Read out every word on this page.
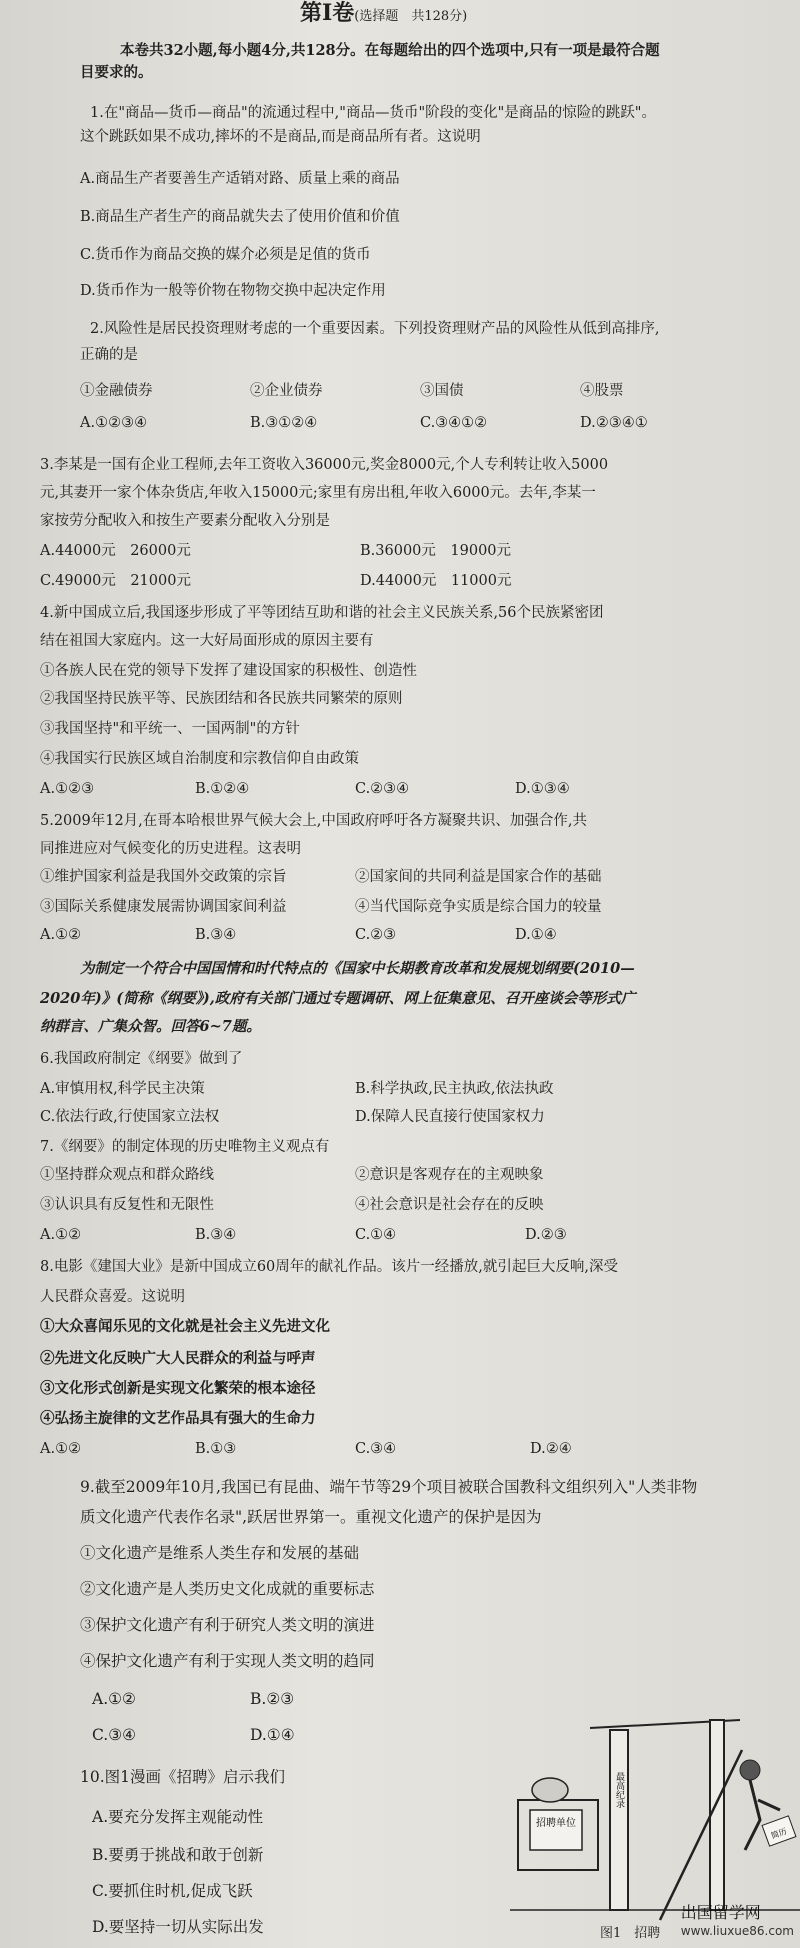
第Ⅰ卷(选择题　共128分)
本卷共32小题,每小题4分,共128分。在每题给出的四个选项中,只有一项是最符合题
目要求的。
1.在"商品—货币—商品"的流通过程中,"商品—货币"阶段的变化"是商品的惊险的跳跃"。
这个跳跃如果不成功,摔坏的不是商品,而是商品所有者。这说明
A.商品生产者要善生产适销对路、质量上乘的商品
B.商品生产者生产的商品就失去了使用价值和价值
C.货币作为商品交换的媒介必须是足值的货币
D.货币作为一般等价物在物物交换中起决定作用
2.风险性是居民投资理财考虑的一个重要因素。下列投资理财产品的风险性从低到高排序,
正确的是
①金融债券	②企业债券	③国债	④股票
A.①②③④	B.③①②④	C.③④①②	D.②③④①
3.李某是一国有企业工程师,去年工资收入36000元,奖金8000元,个人专利转让收入5000
元,其妻开一家个体杂货店,年收入15000元;家里有房出租,年收入6000元。去年,李某一
家按劳分配收入和按生产要素分配收入分别是
A.44000元　26000元	B.36000元　19000元
C.49000元　21000元	D.44000元　11000元
4.新中国成立后,我国逐步形成了平等团结互助和谐的社会主义民族关系,56个民族紧密团
结在祖国大家庭内。这一大好局面形成的原因主要有
①各族人民在党的领导下发挥了建设国家的积极性、创造性
②我国坚持民族平等、民族团结和各民族共同繁荣的原则
③我国坚持"和平统一、一国两制"的方针
④我国实行民族区域自治制度和宗教信仰自由政策
A.①②③	B.①②④	C.②③④	D.①③④
5.2009年12月,在哥本哈根世界气候大会上,中国政府呼吁各方凝聚共识、加强合作,共
同推进应对气候变化的历史进程。这表明
①维护国家利益是我国外交政策的宗旨	②国家间的共同利益是国家合作的基础
③国际关系健康发展需协调国家间利益	④当代国际竞争实质是综合国力的较量
A.①②	B.③④	C.②③	D.①④
为制定一个符合中国国情和时代特点的《国家中长期教育改革和发展规划纲要(2010—
2020年)》(简称《纲要》),政府有关部门通过专题调研、网上征集意见、召开座谈会等形式广
纳群言、广集众智。回答6~7题。
6.我国政府制定《纲要》做到了
A.审慎用权,科学民主决策	B.科学执政,民主执政,依法执政
C.依法行政,行使国家立法权	D.保障人民直接行使国家权力
7.《纲要》的制定体现的历史唯物主义观点有
①坚持群众观点和群众路线	②意识是客观存在的主观映象
③认识具有反复性和无限性	④社会意识是社会存在的反映
A.①②	B.③④	C.①④	D.②③
8.电影《建国大业》是新中国成立60周年的献礼作品。该片一经播放,就引起巨大反响,深受
人民群众喜爱。这说明
①大众喜闻乐见的文化就是社会主义先进文化
②先进文化反映广大人民群众的利益与呼声
③文化形式创新是实现文化繁荣的根本途径
④弘扬主旋律的文艺作品具有强大的生命力
A.①②	B.①③	C.③④	D.②④
9.截至2009年10月,我国已有昆曲、端午节等29个项目被联合国教科文组织列入"人类非物
质文化遗产代表作名录",跃居世界第一。重视文化遗产的保护是因为
①文化遗产是维系人类生存和发展的基础
②文化遗产是人类历史文化成就的重要标志
③保护文化遗产有利于研究人类文明的演进
④保护文化遗产有利于实现人类文明的趋同
A.①②	B.②③
C.③④	D.①④
10.图1漫画《招聘》启示我们
A.要充分发挥主观能动性
B.要勇于挑战和敢于创新
C.要抓住时机,促成飞跃
D.要坚持一切从实际出发
招聘单位
最高纪录
简历
图1　招聘
出国留学网
www.liuxue86.com
